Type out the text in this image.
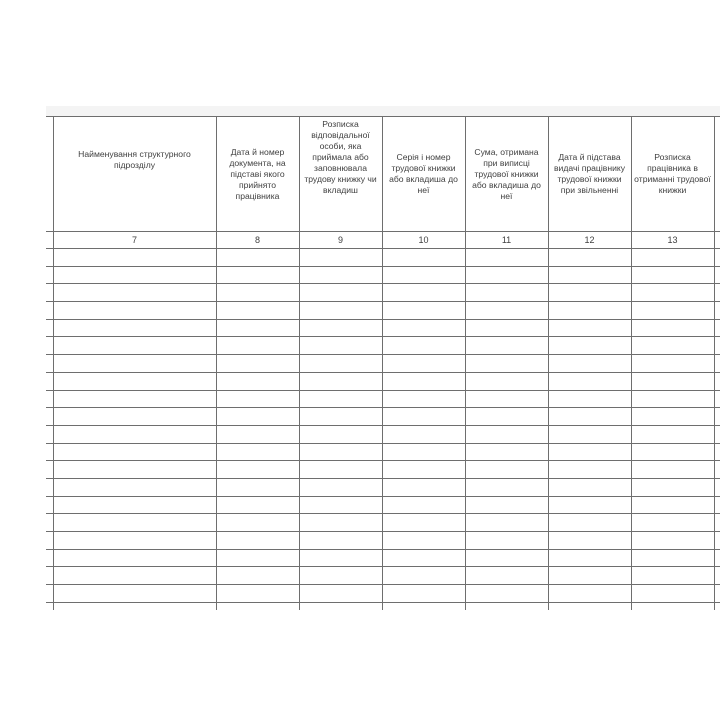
	Найменування структурного підрозділу	Дата й номер документа, на підставі якого прийнято працівника	Розписка відповідальної особи, яка приймала або заповнювала трудову книжку чи вкладиш	Серія і номер трудової книжки або вкладиша до неї	Сума, отримана при виписці трудової книжки або вкладиша до неї	Дата й підстава видачі працівнику трудової книжки при звільненні	Розписка працівника в отриманні трудової книжки	

	7	8	9	10	11	12	13	
